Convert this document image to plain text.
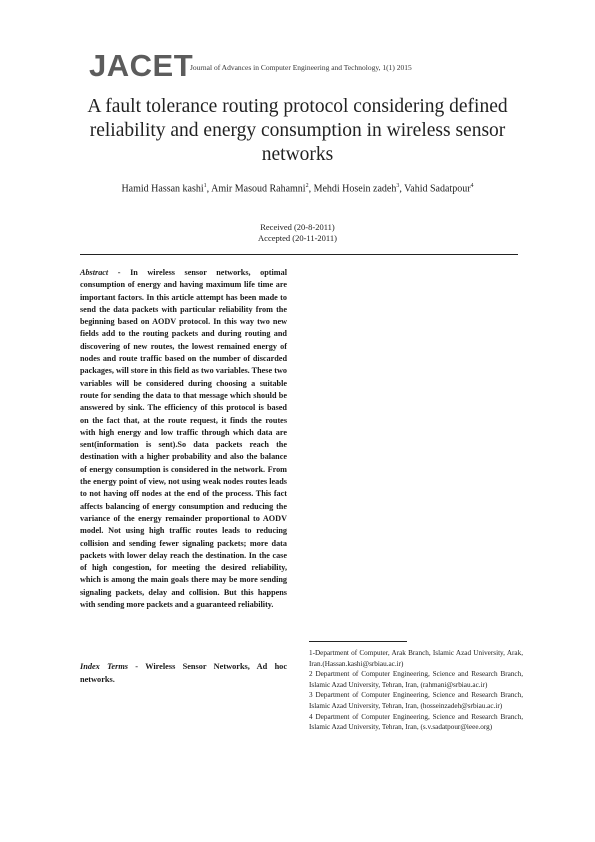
JACET
Journal of Advances in Computer Engineering and Technology, 1(1) 2015
A fault tolerance routing protocol considering defined reliability and energy consumption in wireless sensor networks
Hamid Hassan kashi$^1$, Amir Masoud Rahamni$^2$, Mehdi Hosein zadeh$^3$, Vahid Sadatpour$^4$
Received (20-8-2011)
Accepted (20-11-2011)
Abstract - In wireless sensor networks, optimal consumption of energy and having maximum life time are important factors. In this article attempt has been made to send the data packets with particular reliability from the beginning based on AODV protocol. In this way two new fields add to the routing packets and during routing and discovering of new routes, the lowest remained energy of nodes and route traffic based on the number of discarded packages, will store in this field as two variables. These two variables will be considered during choosing a suitable route for sending the data to that message which should be answered by sink. The efficiency of this protocol is based on the fact that, at the route request, it finds the routes with high energy and low traffic through which data are sent(information is sent).So data packets reach the destination with a higher probability and also the balance of energy consumption is considered in the network. From the energy point of view, not using weak nodes routes leads to not having off nodes at the end of the process. This fact affects balancing of energy consumption and reducing the variance of the energy remainder proportional to AODV model. Not using high traffic routes leads to reducing collision and sending fewer signaling packets; more data packets with lower delay reach the destination. In the case of high congestion, for meeting the desired reliability, which is among the main goals there may be more sending signaling packets, delay and collision. But this happens with sending more packets and a guaranteed reliability.
Index Terms - Wireless Sensor Networks, Ad hoc networks.

1-Department of Computer, Arak Branch, Islamic Azad University, Arak, Iran.(Hassan.kashi@srbiau.ac.ir)

2 Department of Computer Engineering, Science and Research Branch, Islamic Azad University, Tehran, Iran, (rahmani@srbiau.ac.ir)

3 Department of Computer Engineering, Science and Research Branch, Islamic Azad University, Tehran, Iran, (hosseinzadeh@srbiau.ac.ir)

4 Department of Computer Engineering, Science and Research Branch, Islamic Azad University, Tehran, Iran, (s.v.sadatpour@ieee.org)
